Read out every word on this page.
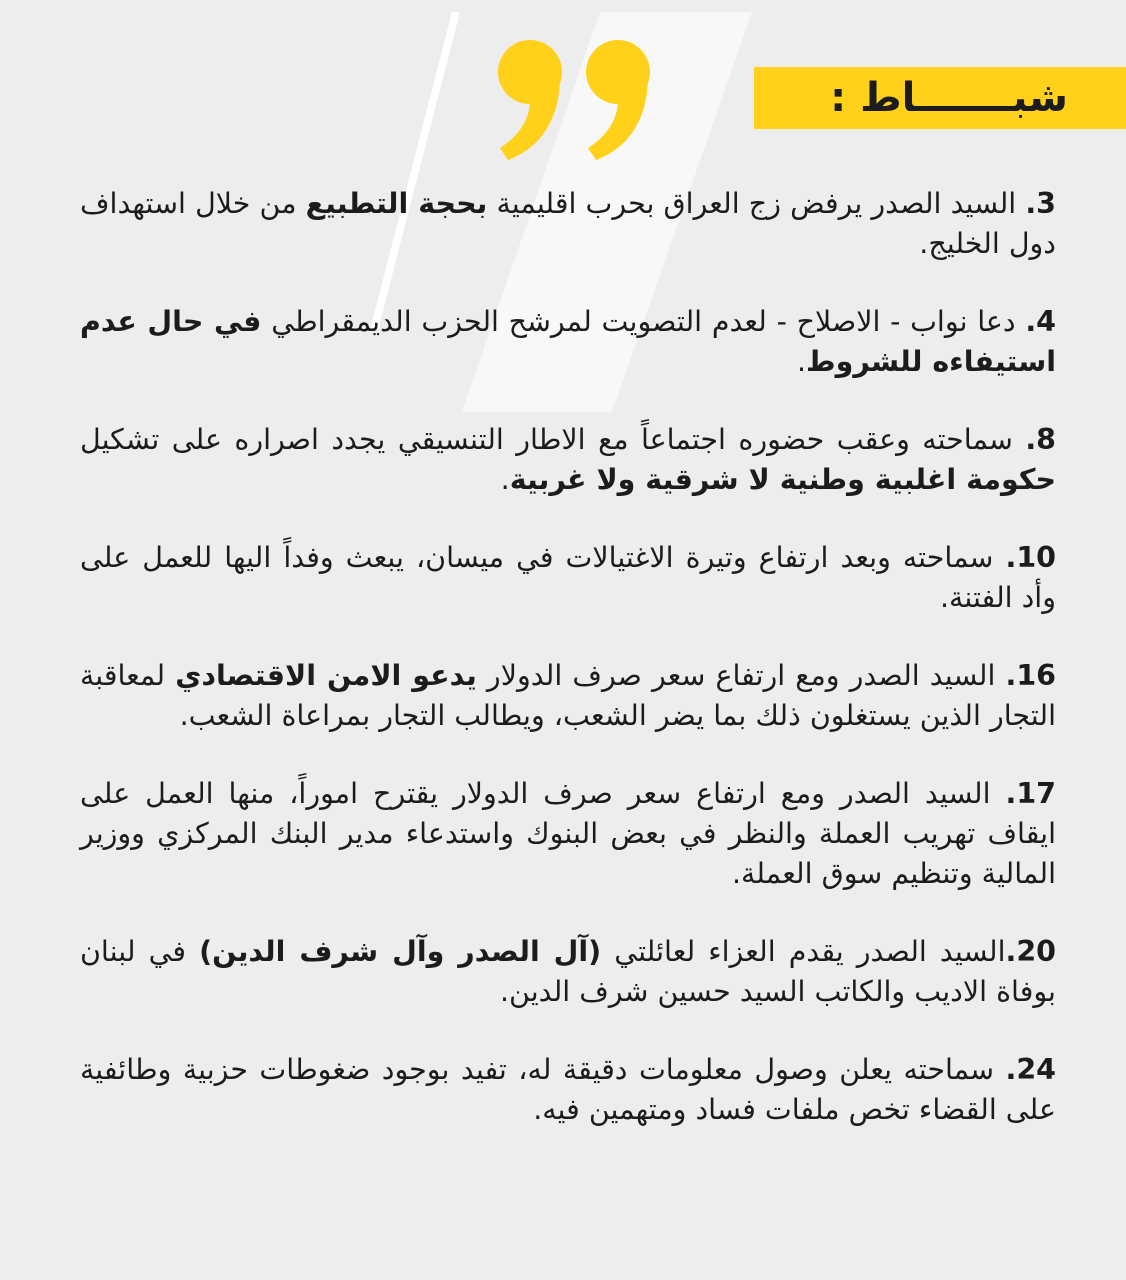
شبـــــــاط :

3. السيد الصدر يرفض زج العراق بحرب اقليمية بحجة التطبيع من خلال استهداف دول الخليج.

4. دعا نواب - الاصلاح - لعدم التصويت لمرشح الحزب الديمقراطي في حال عدم استيفاءه للشروط.

8. سماحته وعقب حضوره اجتماعاً مع الاطار التنسيقي يجدد اصراره على تشكيل حكومة اغلبية وطنية لا شرقية ولا غربية.

10. سماحته وبعد ارتفاع وتيرة الاغتيالات في ميسان، يبعث وفداً اليها للعمل على وأد الفتنة.

16. السيد الصدر ومع ارتفاع سعر صرف الدولار يدعو الامن الاقتصادي لمعاقبة التجار الذين يستغلون ذلك بما يضر الشعب، ويطالب التجار بمراعاة الشعب.

17. السيد الصدر ومع ارتفاع سعر صرف الدولار يقترح اموراً، منها العمل على ايقاف تهريب العملة والنظر في بعض البنوك واستدعاء مدير البنك المركزي ووزير المالية وتنظيم سوق العملة.

20.السيد الصدر يقدم العزاء لعائلتي (آل الصدر وآل شرف الدين) في لبنان بوفاة الاديب والكاتب السيد حسين شرف الدين.

24. سماحته يعلن وصول معلومات دقيقة له، تفيد بوجود ضغوطات حزبية وطائفية على القضاء تخص ملفات فساد ومتهمين فيه.
